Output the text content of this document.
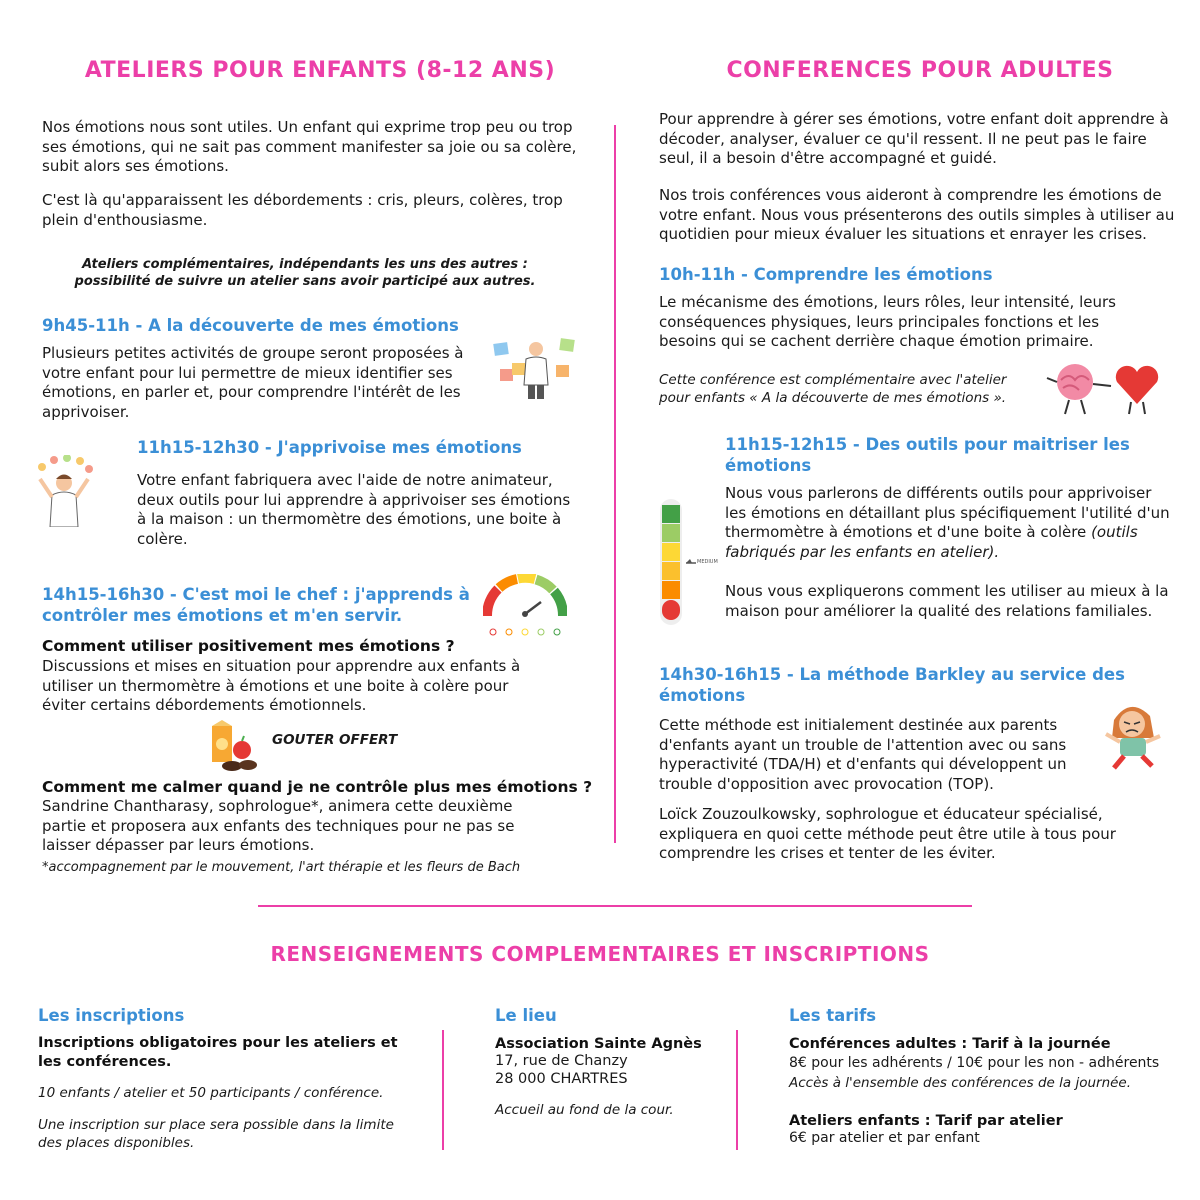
ATELIERS POUR ENFANTS (8-12 ANS)	CONFERENCES POUR ADULTES
Nos émotions nous sont utiles. Un enfant qui exprime trop peu ou trop ses émotions, qui ne sait pas comment manifester sa joie ou sa colère, subit alors ses émotions.
C'est là qu'apparaissent les débordements : cris, pleurs, colères, trop plein d'enthousiasme.
Ateliers complémentaires, indépendants les uns des autres : possibilité de suivre un atelier sans avoir participé aux autres.
9h45-11h - A la découverte de mes émotions
Plusieurs petites activités de groupe seront proposées à votre enfant pour lui permettre de mieux identifier ses émotions, en parler et, pour comprendre l'intérêt de les apprivoiser.
11h15-12h30 - J'apprivoise mes émotions
Votre enfant fabriquera avec l'aide de notre animateur, deux outils pour lui apprendre à apprivoiser ses émotions à la maison : un thermomètre des émotions, une boite à colère.
14h15-16h30 - C'est moi le chef : j'apprends à contrôler mes émotions et m'en servir.
Comment utiliser positivement mes émotions ?
Discussions et mises en situation pour apprendre aux enfants à utiliser un thermomètre à émotions et une boite à colère pour éviter certains débordements émotionnels.
GOUTER OFFERT
Comment me calmer quand je ne contrôle plus mes émotions ?
Sandrine Chantharasy, sophrologue*, animera cette deuxième partie et proposera aux enfants des techniques pour ne pas se laisser dépasser par leurs émotions.
*accompagnement par le mouvement, l'art thérapie et les fleurs de Bach
Pour apprendre à gérer ses émotions, votre enfant doit apprendre à décoder, analyser, évaluer ce qu'il ressent. Il ne peut pas le faire seul, il a besoin d'être accompagné et guidé.
Nos trois conférences vous aideront à comprendre les émotions de votre enfant. Nous vous présenterons des outils simples à utiliser au quotidien pour mieux évaluer les situations et enrayer les crises.
10h-11h - Comprendre les émotions
Le mécanisme des émotions, leurs rôles, leur intensité, leurs conséquences physiques, leurs principales fonctions et les besoins qui se cachent derrière chaque émotion primaire.
Cette conférence est complémentaire avec l'atelier pour enfants « A la découverte de mes émotions ».
11h15-12h15 - Des outils pour maitriser les émotions
MEDIUM
Nous vous parlerons de différents outils pour apprivoiser les émotions en détaillant plus spécifiquement l'utilité d'un thermomètre à émotions et d'une boite à colère (outils fabriqués par les enfants en atelier).
Nous vous expliquerons comment les utiliser au mieux à la maison pour améliorer la qualité des relations familiales.
14h30-16h15 - La méthode Barkley au service des émotions
Cette méthode est initialement destinée aux parents d'enfants ayant un trouble de l'attention avec ou sans hyperactivité (TDA/H) et d'enfants qui développent un trouble d'opposition avec provocation (TOP).
Loïck Zouzoulkowsky, sophrologue et éducateur spécialisé, expliquera en quoi cette méthode peut être utile à tous pour comprendre les crises et tenter de les éviter.
RENSEIGNEMENTS COMPLEMENTAIRES ET INSCRIPTIONS
Les inscriptions
Inscriptions obligatoires pour les ateliers et les conférences.
10 enfants / atelier et 50 participants / conférence.
Une inscription sur place sera possible dans la limite des places disponibles.
Le lieu
Association Sainte Agnès
17, rue de Chanzy
28 000 CHARTRES
Accueil au fond de la cour.
Les tarifs
Conférences adultes : Tarif à la journée
8€ pour les adhérents / 10€ pour les non - adhérents
Accès à l'ensemble des conférences de la journée.
Ateliers enfants : Tarif par atelier
6€ par atelier et par enfant
